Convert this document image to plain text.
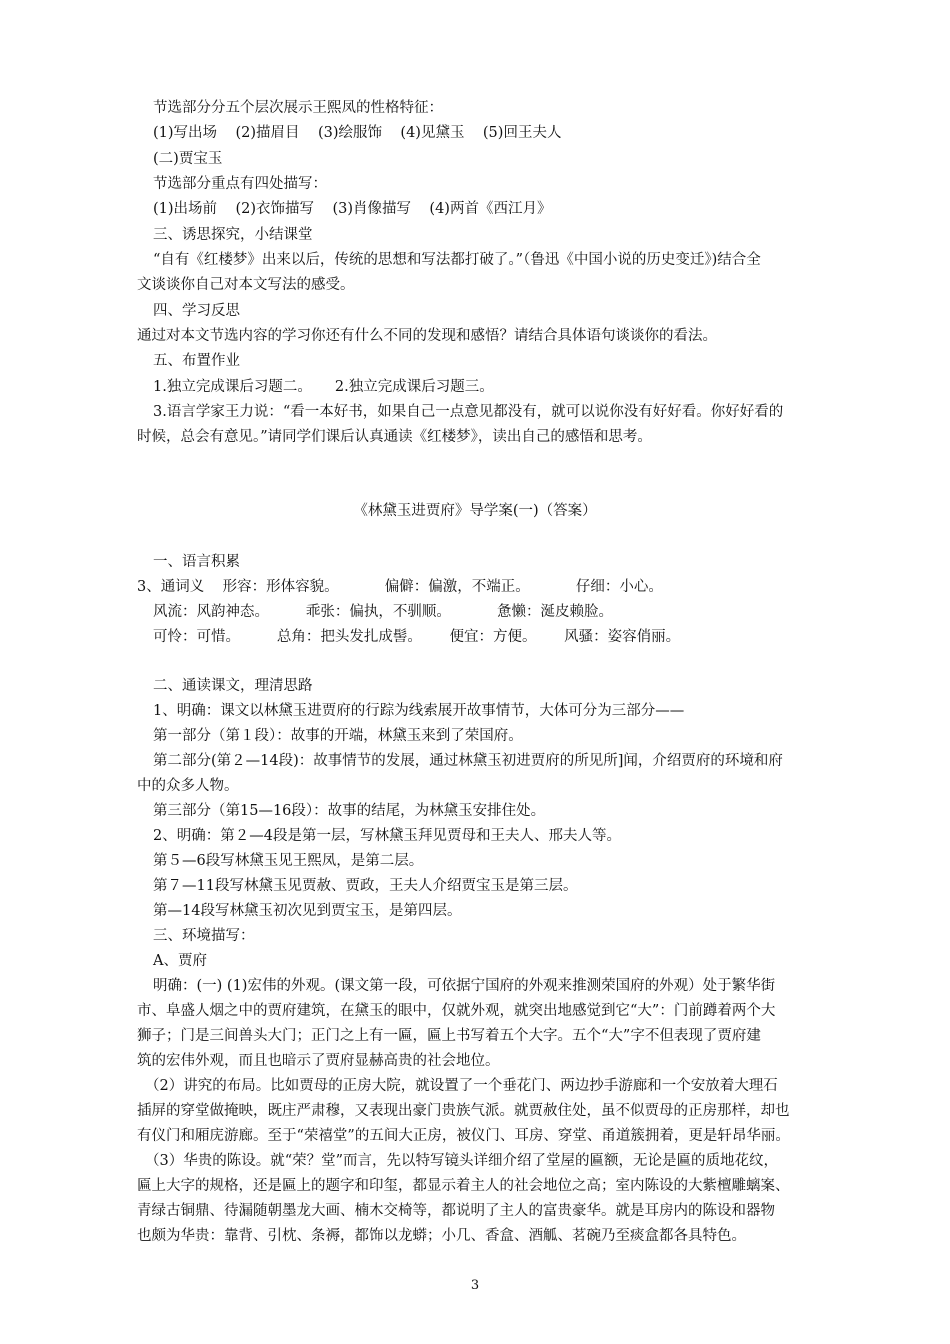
节选部分分五个层次展示王熙凤的性格特征：

(1)写出场    (2)描眉目    (3)绘服饰    (4)见黛玉    (5)回王夫人

(二)贾宝玉

节选部分重点有四处描写：

(1)出场前    (2)衣饰描写    (3)肖像描写    (4)两首《西江月》

三、诱思探究，小结课堂

“自有《红楼梦》出来以后，传统的思想和写法都打破了。”（鲁迅《中国小说的历史变迁》)结合全

文谈谈你自己对本文写法的感受。

四、学习反思

通过对本文节选内容的学习你还有什么不同的发现和感悟？请结合具体语句谈谈你的看法。

五、布置作业

1.独立完成课后习题二。     2.独立完成课后习题三。

3.语言学家王力说：“看一本好书，如果自己一点意见都没有，就可以说你没有好好看。你好好看的

时候，总会有意见。”请同学们课后认真通读《红楼梦》，读出自己的感悟和思考。

《林黛玉进贾府》导学案(一)（答案）

一、语言积累

3、通词义    形容：形体容貌。          偏僻：偏激，不端正。          仔细：小心。

风流：风韵神态。        乖张：偏执，不驯顺。          惫懒：涎皮赖脸。

可怜：可惜。        总角：把头发扎成髻。      便宜：方便。      风骚：姿容俏丽。

二、通读课文，理清思路

1、明确：课文以林黛玉进贾府的行踪为线索展开故事情节，大体可分为三部分——

第一部分（第１段）：故事的开端，林黛玉来到了荣国府。

第二部分(第２—14段)：故事情节的发展，通过林黛玉初进贾府的所见所]闻，介绍贾府的环境和府

中的众多人物。

第三部分（第15—16段）：故事的结尾，为林黛玉安排住处。

2、明确：第２—4段是第一层，写林黛玉拜见贾母和王夫人、邢夫人等。

第５—6段写林黛玉见王熙凤，是第二层。

第７—11段写林黛玉见贾赦、贾政，王夫人介绍贾宝玉是第三层。

第—14段写林黛玉初次见到贾宝玉，是第四层。

三、环境描写：

A、贾府

明确：(一) (1)宏伟的外观。(课文第一段，可依据宁国府的外观来推测荣国府的外观）处于繁华街

市、阜盛人烟之中的贾府建筑，在黛玉的眼中，仅就外观，就突出地感觉到它“大”：门前蹲着两个大

狮子；门是三间兽头大门；正门之上有一匾，匾上书写着五个大字。五个“大”字不但表现了贾府建

筑的宏伟外观，而且也暗示了贾府显赫高贵的社会地位。

（2）讲究的布局。比如贾母的正房大院，就设置了一个垂花门、两边抄手游廊和一个安放着大理石

插屏的穿堂做掩映，既庄严肃穆，又表现出豪门贵族气派。就贾赦住处，虽不似贾母的正房那样，却也

有仪门和厢庑游廊。至于“荣禧堂”的五间大正房，被仪门、耳房、穿堂、甬道簇拥着，更是轩昂华丽。

（3）华贵的陈设。就“荣？堂”而言，先以特写镜头详细介绍了堂屋的匾额，无论是匾的质地花纹，

匾上大字的规格，还是匾上的题字和印玺，都显示着主人的社会地位之高；室内陈设的大紫檀雕螭案、

青绿古铜鼎、待漏随朝墨龙大画、楠木交椅等，都说明了主人的富贵豪华。就是耳房内的陈设和器物

也颇为华贵：靠背、引枕、条褥，都饰以龙蟒；小几、香盒、酒觚、茗碗乃至痰盒都各具特色。

3
